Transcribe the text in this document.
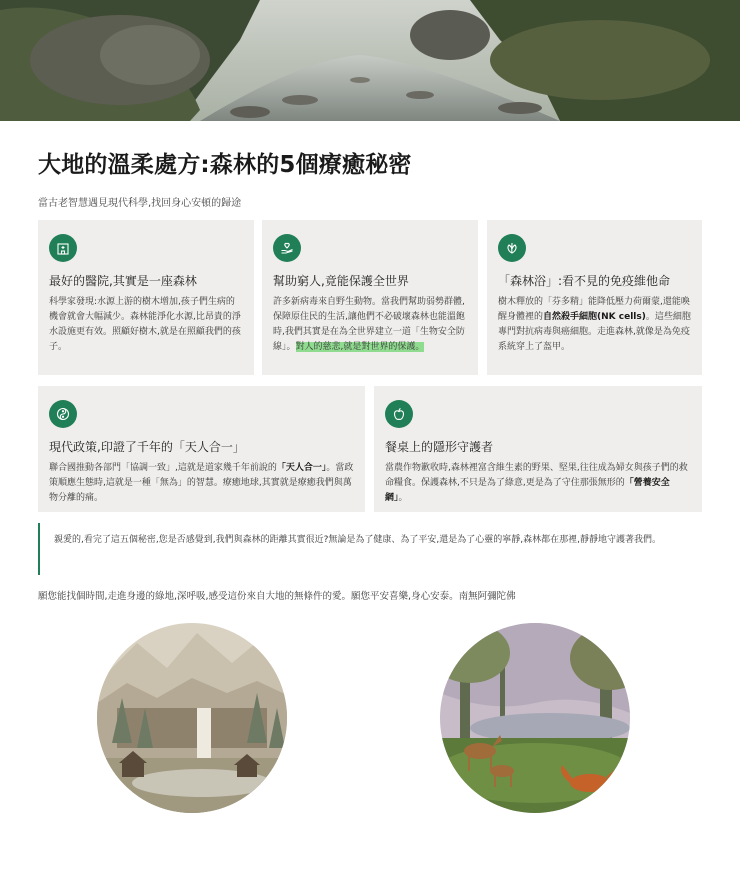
大地的溫柔處方:森林的5個療癒秘密
當古老智慧遇見現代科學,找回身心安頓的歸途
最好的醫院,其實是一座森林
科學家發現:水源上游的樹木增加,孩子們生病的機會就會大幅減少。森林能淨化水源,比昂貴的淨水設施更有效。照顧好樹木,就是在照顧我們的孩子。
幫助窮人,竟能保護全世界
許多新病毒來自野生動物。當我們幫助弱勢群體,保障原住民的生活,讓他們不必破壞森林也能溫飽時,我們其實是在為全世界建立一道「生物安全防線」。對人的慈悲,就是對世界的保護。
「森林浴」:看不見的免疫維他命
樹木釋放的「芬多精」能降低壓力荷爾蒙,還能喚醒身體裡的自然殺手細胞(NK cells)。這些細胞專門對抗病毒與癌細胞。走進森林,就像是為免疫系統穿上了盔甲。
現代政策,印證了千年的「天人合一」
聯合國推動各部門「協調一致」,這就是道家幾千年前說的「天人合一」。當政策順應生態時,這就是一種「無為」的智慧。療癒地球,其實就是療癒我們與萬物分離的痛。
餐桌上的隱形守護者
當農作物歉收時,森林裡富含維生素的野果、堅果,往往成為婦女與孩子們的救命糧食。保護森林,不只是為了綠意,更是為了守住那張無形的「營養安全網」。
親愛的,看完了這五個秘密,您是否感覺到,我們與森林的距離其實很近?無論是為了健康、為了平安,還是為了心靈的寧靜,森林都在那裡,靜靜地守護著我們。
願您能找個時間,走進身邊的綠地,深呼吸,感受這份來自大地的無條件的愛。願您平安喜樂,身心安泰。南無阿彌陀佛
